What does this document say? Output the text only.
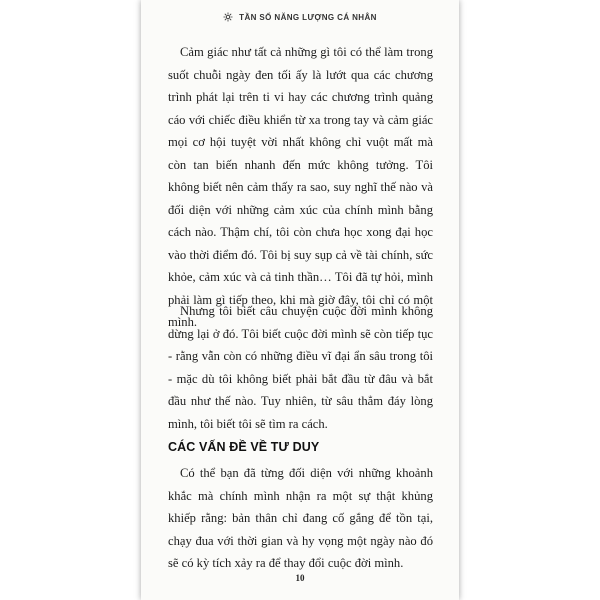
TẦN SỐ NĂNG LƯỢNG CÁ NHÂN

Cảm giác như tất cả những gì tôi có thể làm trong suốt chuỗi ngày đen tối ấy là lướt qua các chương trình phát lại trên ti vi hay các chương trình quảng cáo với chiếc điều khiển từ xa trong tay và cảm giác mọi cơ hội tuyệt vời nhất không chỉ vuột mất mà còn tan biến nhanh đến mức không tưởng. Tôi không biết nên cảm thấy ra sao, suy nghĩ thế nào và đối diện với những cảm xúc của chính mình bằng cách nào. Thậm chí, tôi còn chưa học xong đại học vào thời điểm đó. Tôi bị suy sụp cả về tài chính, sức khỏe, cảm xúc và cả tinh thần… Tôi đã tự hỏi, mình phải làm gì tiếp theo, khi mà giờ đây, tôi chỉ có một mình.

Nhưng tôi biết câu chuyện cuộc đời mình không dừng lại ở đó. Tôi biết cuộc đời mình sẽ còn tiếp tục - rằng vẫn còn có những điều vĩ đại ẩn sâu trong tôi - mặc dù tôi không biết phải bắt đầu từ đâu và bắt đầu như thế nào. Tuy nhiên, từ sâu thẳm đáy lòng mình, tôi biết tôi sẽ tìm ra cách.

CÁC VẤN ĐỀ VỀ TƯ DUY

Có thể bạn đã từng đối diện với những khoảnh khắc mà chính mình nhận ra một sự thật khủng khiếp rằng: bản thân chỉ đang cố gắng để tồn tại, chạy đua với thời gian và hy vọng một ngày nào đó sẽ có kỳ tích xảy ra để thay đổi cuộc đời mình.

10
